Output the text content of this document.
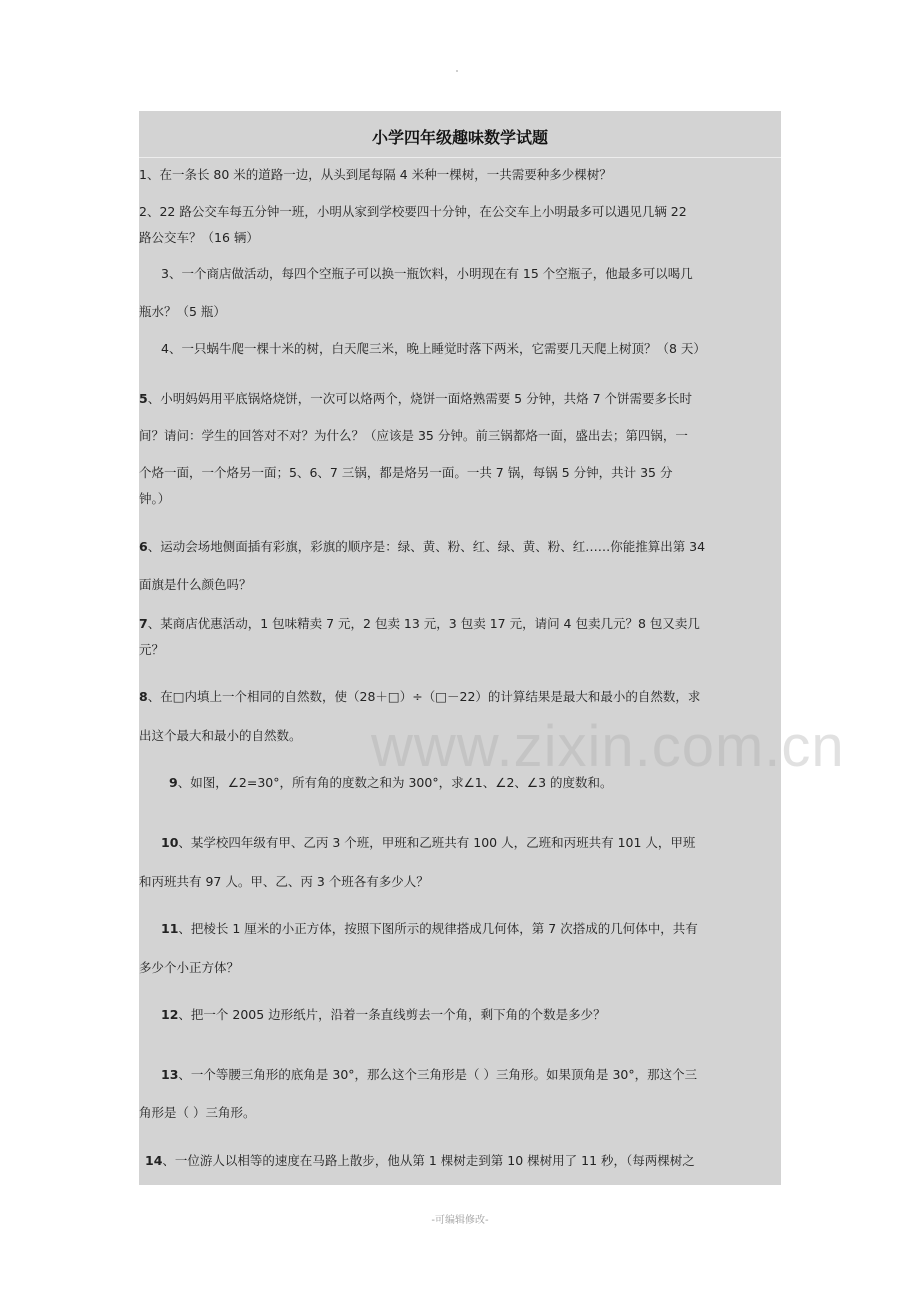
小学四年级趣味数学试题
www.zixin.com.cn
1、在一条长 80 米的道路一边，从头到尾每隔 4 米种一棵树，一共需要种多少棵树？
2、22 路公交车每五分钟一班，小明从家到学校要四十分钟，在公交车上小明最多可以遇见几辆 22
路公交车？（16 辆）
3、一个商店做活动，每四个空瓶子可以换一瓶饮料，小明现在有 15 个空瓶子，他最多可以喝几
瓶水？（5 瓶）
4、一只蜗牛爬一棵十米的树，白天爬三米，晚上睡觉时落下两米，它需要几天爬上树顶？（8 天）
5、小明妈妈用平底锅烙烧饼，一次可以烙两个，烧饼一面烙熟需要 5 分钟，共烙 7 个饼需要多长时
间？请问：学生的回答对不对？为什么？（应该是 35 分钟。前三锅都烙一面，盛出去；第四锅，一
个烙一面，一个烙另一面；5、6、7 三锅，都是烙另一面。一共 7 锅，每锅 5 分钟，共计 35 分
钟。）
6、运动会场地侧面插有彩旗，彩旗的顺序是：绿、黄、粉、红、绿、黄、粉、红……你能推算出第 34
面旗是什么颜色吗？
7、某商店优惠活动，1 包味精卖 7 元，2 包卖 13 元，3 包卖 17 元，请问 4 包卖几元？8 包又卖几
元？
8、在□内填上一个相同的自然数，使（28＋□）÷（□－22）的计算结果是最大和最小的自然数，求
出这个最大和最小的自然数。
9、如图，∠2=30°，所有角的度数之和为 300°，求∠1、∠2、∠3 的度数和。
10、某学校四年级有甲、乙丙 3 个班，甲班和乙班共有 100 人，乙班和丙班共有 101 人，甲班
和丙班共有 97 人。甲、乙、丙 3 个班各有多少人？
11、把棱长 1 厘米的小正方体，按照下图所示的规律搭成几何体，第 7 次搭成的几何体中，共有
多少个小正方体？
12、把一个 2005 边形纸片，沿着一条直线剪去一个角，剩下角的个数是多少？
13、一个等腰三角形的底角是 30°，那么这个三角形是（ ）三角形。如果顶角是 30°，那这个三
角形是（ ）三角形。
14、一位游人以相等的速度在马路上散步，他从第 1 棵树走到第 10 棵树用了 11 秒，（每两棵树之
-可编辑修改-
